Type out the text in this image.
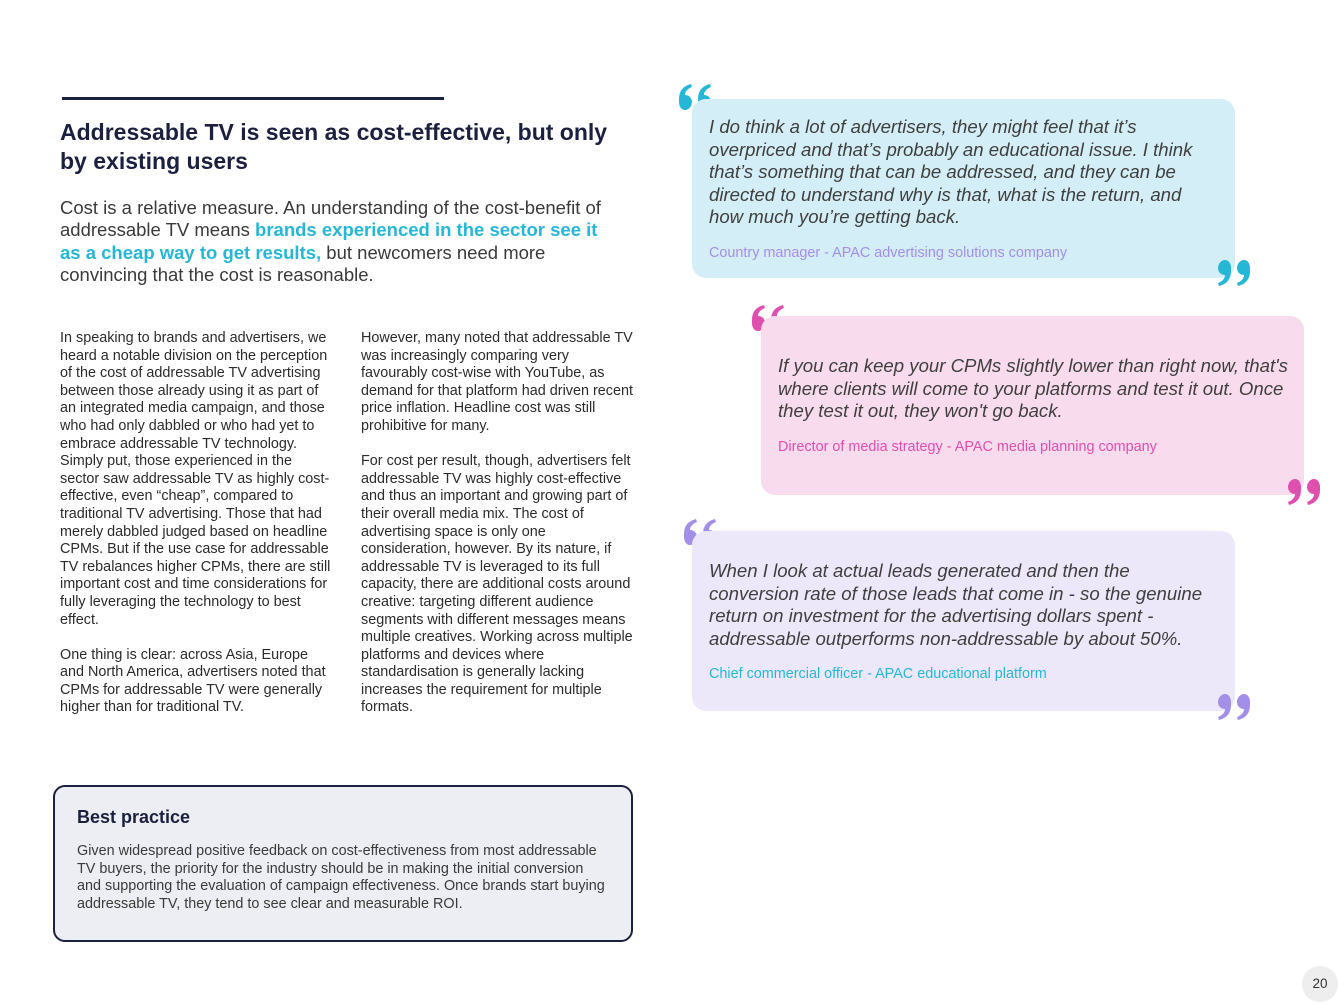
Addressable TV is seen as cost-effective, but only by existing users

Cost is a relative measure. An understanding of the cost-benefit of addressable TV means brands experienced in the sector see it as a cheap way to get results, but newcomers need more convincing that the cost is reasonable.

In speaking to brands and advertisers, we heard a notable division on the perception of the cost of addressable TV advertising between those already using it as part of an integrated media campaign, and those who had only dabbled or who had yet to embrace addressable TV technology. Simply put, those experienced in the sector saw addressable TV as highly cost-effective, even “cheap”, compared to traditional TV advertising. Those that had merely dabbled judged based on headline CPMs. But if the use case for addressable TV rebalances higher CPMs, there are still important cost and time considerations for fully leveraging the technology to best effect.

One thing is clear: across Asia, Europe and North America, advertisers noted that CPMs for addressable TV were generally higher than for traditional TV.

However, many noted that addressable TV was increasingly comparing very favourably cost-wise with YouTube, as demand for that platform had driven recent price inflation. Headline cost was still prohibitive for many.

For cost per result, though, advertisers felt addressable TV was highly cost-effective and thus an important and growing part of their overall media mix. The cost of advertising space is only one consideration, however. By its nature, if addressable TV is leveraged to its full capacity, there are additional costs around creative: targeting different audience segments with different messages means multiple creatives. Working across multiple platforms and devices where standardisation is generally lacking increases the requirement for multiple formats.

Best practice

Given widespread positive feedback on cost-effectiveness from most addressable TV buyers, the priority for the industry should be in making the initial conversion and supporting the evaluation of campaign effectiveness. Once brands start buying addressable TV, they tend to see clear and measurable ROI.

I do think a lot of advertisers, they might feel that it’s overpriced and that’s probably an educational issue. I think that’s something that can be addressed, and they can be directed to understand why is that, what is the return, and how much you’re getting back.

Country manager - APAC advertising solutions company

If you can keep your CPMs slightly lower than right now, that's where clients will come to your platforms and test it out. Once they test it out, they won't go back.

Director of media strategy - APAC media planning company

When I look at actual leads generated and then the conversion rate of those leads that come in - so the genuine return on investment for the advertising dollars spent - addressable outperforms non-addressable by about 50%.

Chief commercial officer - APAC educational platform

20
